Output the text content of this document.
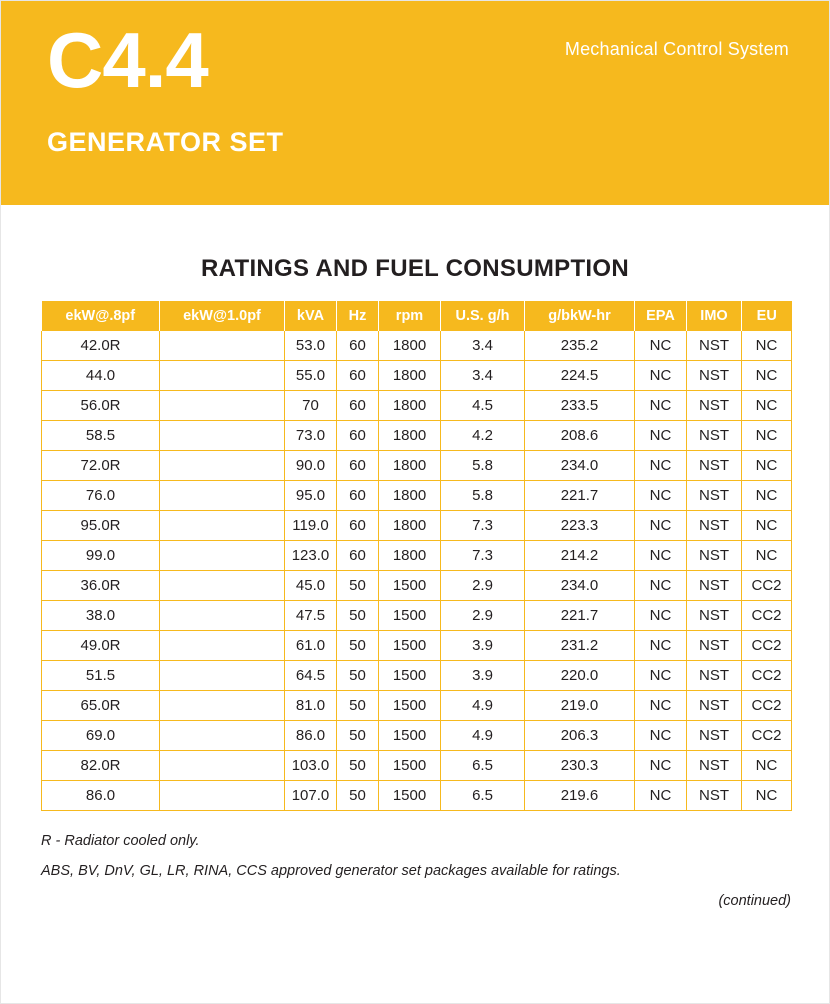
C4.4
GENERATOR SET
Mechanical Control System
RATINGS AND FUEL CONSUMPTION
ekW@.8pf	ekW@1.0pf	kVA	Hz	rpm	U.S. g/h	g/bkW-hr	EPA	IMO	EU
42.0R		53.0	60	1800	3.4	235.2	NC	NST	NC
44.0		55.0	60	1800	3.4	224.5	NC	NST	NC
56.0R		70	60	1800	4.5	233.5	NC	NST	NC
58.5		73.0	60	1800	4.2	208.6	NC	NST	NC
72.0R		90.0	60	1800	5.8	234.0	NC	NST	NC
76.0		95.0	60	1800	5.8	221.7	NC	NST	NC
95.0R		119.0	60	1800	7.3	223.3	NC	NST	NC
99.0		123.0	60	1800	7.3	214.2	NC	NST	NC
36.0R		45.0	50	1500	2.9	234.0	NC	NST	CC2
38.0		47.5	50	1500	2.9	221.7	NC	NST	CC2
49.0R		61.0	50	1500	3.9	231.2	NC	NST	CC2
51.5		64.5	50	1500	3.9	220.0	NC	NST	CC2
65.0R		81.0	50	1500	4.9	219.0	NC	NST	CC2
69.0		86.0	50	1500	4.9	206.3	NC	NST	CC2
82.0R		103.0	50	1500	6.5	230.3	NC	NST	NC
86.0		107.0	50	1500	6.5	219.6	NC	NST	NC
R - Radiator cooled only.
ABS, BV, DnV, GL, LR, RINA, CCS approved generator set packages available for ratings.
(continued)
